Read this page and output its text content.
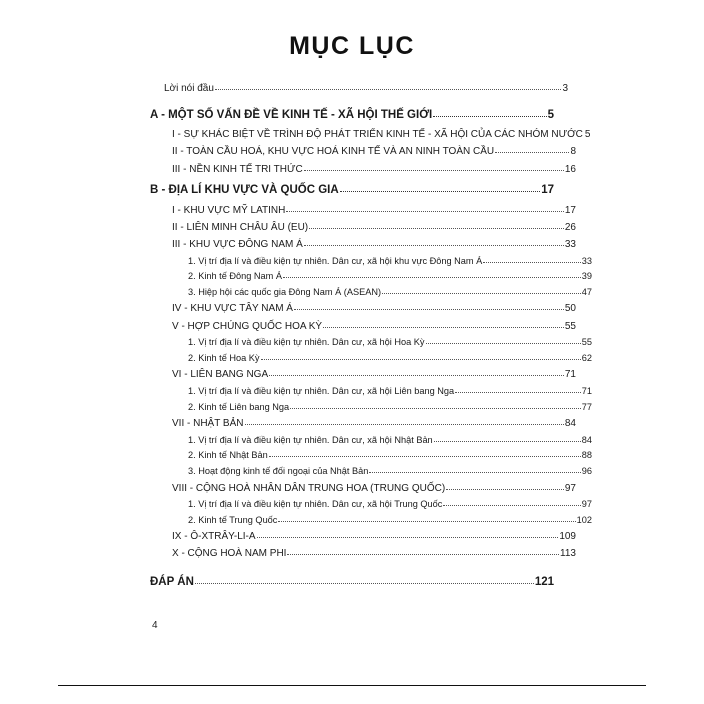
MỤC LỤC
Lời nói đầu	3
A - MỘT SỐ VẤN ĐỀ VỀ KINH TẾ - XÃ HỘI THẾ GIỚI	5
I - SỰ KHÁC BIỆT VỀ TRÌNH ĐỘ PHÁT TRIỂN KINH TẾ - XÃ HỘI CỦA CÁC NHÓM NƯỚC 5
II - TOÀN CẦU HOÁ, KHU VỰC HOÁ KINH TẾ VÀ AN NINH TOÀN CẦU	8
III - NỀN KINH TẾ TRI THỨC	16
B - ĐỊA LÍ KHU VỰC VÀ QUỐC GIA	17
I - KHU VỰC MỸ LATINH	17
II - LIÊN MINH CHÂU ÂU (EU)	26
III - KHU VỰC ĐÔNG NAM Á	33
1. Vị trí địa lí và điều kiện tự nhiên. Dân cư, xã hội khu vực Đông Nam Á	33
2. Kinh tế Đông Nam Á	39
3. Hiệp hội các quốc gia Đông Nam Á (ASEAN)	47
IV - KHU VỰC TÂY NAM Á	50
V - HỢP CHÚNG QUỐC HOA KỲ	55
1. Vị trí địa lí và điều kiện tự nhiên. Dân cư, xã hội Hoa Kỳ	55
2. Kinh tế Hoa Kỳ	62
VI - LIÊN BANG NGA	71
1. Vị trí địa lí và điều kiện tự nhiên. Dân cư, xã hội Liên bang Nga	71
2. Kinh tế Liên bang Nga	77
VII - NHẬT BẢN	84
1. Vị trí địa lí và điều kiện tự nhiên. Dân cư, xã hội Nhật Bản	84
2. Kinh tế Nhật Bản	88
3. Hoạt động kinh tế đối ngoại của Nhật Bản	96
VIII - CỘNG HOÀ NHÂN DÂN TRUNG HOA (TRUNG QUỐC)	97
1. Vị trí địa lí và điều kiện tự nhiên. Dân cư, xã hội Trung Quốc	97
2. Kinh tế Trung Quốc	102
IX - Ô-XTRÂY-LI-A	109
X - CỘNG HOÀ NAM PHI	113
ĐÁP ÁN	121
4
